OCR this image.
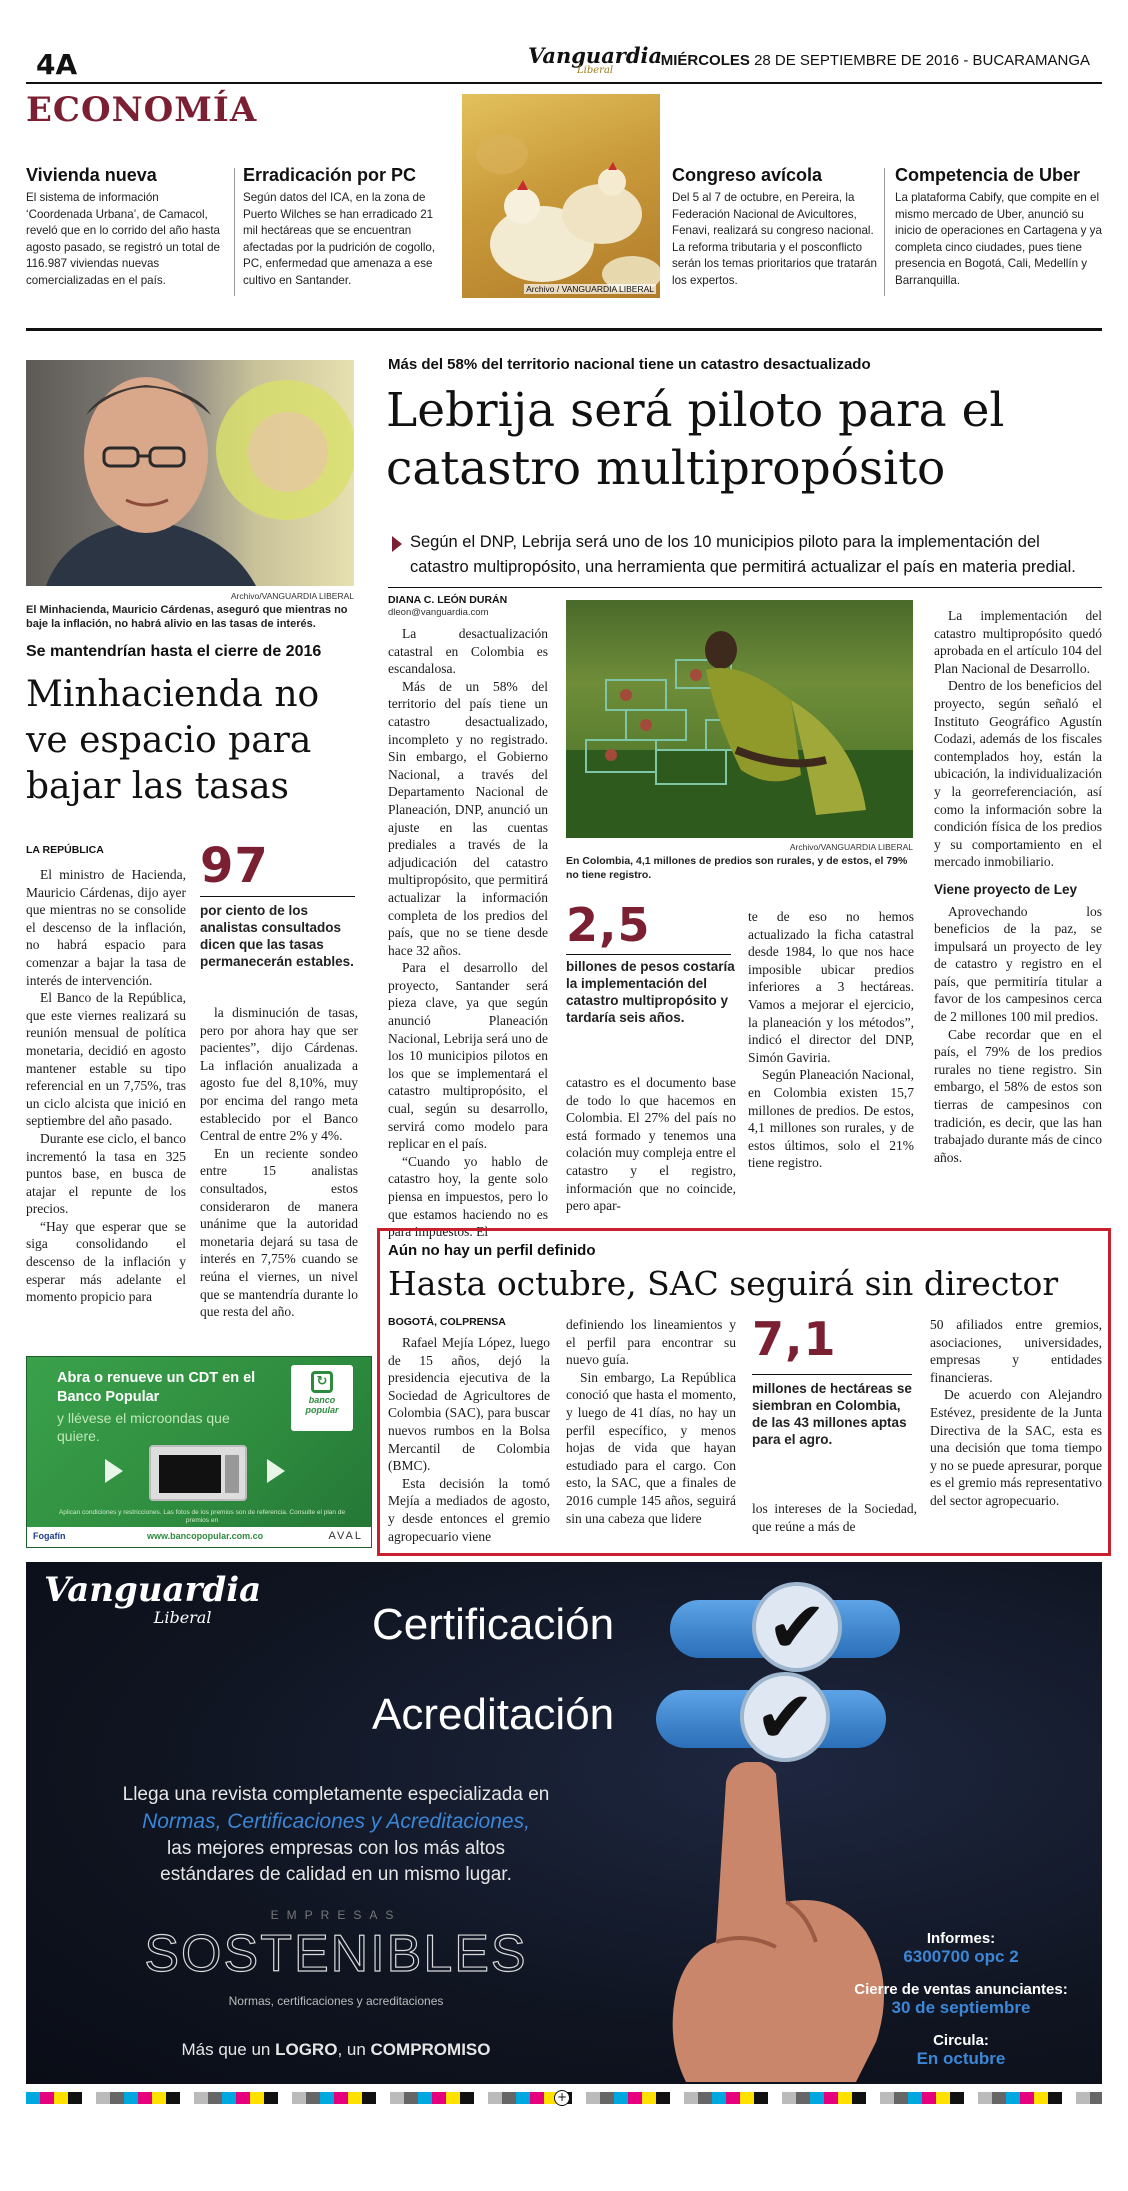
4A	Vanguardia
Liberal
MIÉRCOLES 28 DE SEPTIEMBRE DE 2016 - BUCARAMANGA
ECONOMÍA
Vivienda nueva

El sistema de información ‘Coordenada Urbana’, de Camacol, reveló que en lo corrido del año hasta agosto pasado, se registró un total de 116.987 viviendas nuevas comercializadas en el país.

Erradicación por PC

Según datos del ICA, en la zona de Puerto Wilches se han erradicado 21 mil hectáreas que se encuentran afectadas por la pudrición de cogollo, PC, enfermedad que amenaza a ese cultivo en Santander.

Archivo / VANGUARDIA LIBERAL
Congreso avícola

Del 5 al 7 de octubre, en Pereira, la Federación Nacional de Avicultores, Fenavi, realizará su congreso nacional. La reforma tributaria y el posconflicto serán los temas prioritarios que tratarán los expertos.

Competencia de Uber

La plataforma Cabify, que compite en el mismo mercado de Uber, anunció su inicio de operaciones en Cartagena y ya completa cinco ciudades, pues tiene presencia en Bogotá, Cali, Medellín y Barranquilla.

Archivo/VANGUARDIA LIBERAL
El Minhacienda, Mauricio Cárdenas, aseguró que mientras no baje la inflación, no habrá alivio en las tasas de interés.
Se mantendrían hasta el cierre de 2016
Minhacienda no ve espacio para bajar las tasas
LA REPÚBLICA

El ministro de Hacienda, Mauricio Cárdenas, dijo ayer que mientras no se consolide el descenso de la inflación, no habrá espacio para comenzar a bajar la tasa de interés de intervención.

El Banco de la República, que este viernes realizará su reunión mensual de política monetaria, decidió en agosto mantener estable su tipo referencial en un 7,75%, tras un ciclo alcista que inició en septiembre del año pasado.

Durante ese ciclo, el banco incrementó la tasa en 325 puntos base, en busca de atajar el repunte de los precios.

“Hay que esperar que se siga consolidando el descenso de la inflación y esperar más adelante el momento propicio para

97
por ciento de los analistas consultados dicen que las tasas permanecerán estables.

la disminución de tasas, pero por ahora hay que ser pacientes”, dijo Cárdenas. La inflación anualizada a agosto fue del 8,10%, muy por encima del rango meta establecido por el Banco Central de entre 2% y 4%.

En un reciente sondeo entre 15 analistas consultados, estos consideraron de manera unánime que la autoridad monetaria dejará su tasa de interés en 7,75% cuando se reúna el viernes, un nivel que se mantendría durante lo que resta del año.

Más del 58% del territorio nacional tiene un catastro desactualizado
Lebrija será piloto para el catastro multipropósito
Según el DNP, Lebrija será uno de los 10 municipios piloto para la implementación del catastro multipropósito, una herramienta que permitirá actualizar el país en materia predial.
DIANA C. LEÓN DURÁN
dleon@vanguardia.com

La desactualización catastral en Colombia es escandalosa.

Más de un 58% del territorio del país tiene un catastro desactualizado, incompleto y no registrado. Sin embargo, el Gobierno Nacional, a través del Departamento Nacional de Planeación, DNP, anunció un ajuste en las cuentas prediales a través de la adjudicación del catastro multipropósito, que permitirá actualizar la información completa de los predios del país, que no se tiene desde hace 32 años.

Para el desarrollo del proyecto, Santander será pieza clave, ya que según anunció Planeación Nacional, Lebrija será uno de los 10 municipios pilotos en los que se implementará el catastro multipropósito, el cual, según su desarrollo, servirá como modelo para replicar en el país.

“Cuando yo hablo de catastro hoy, la gente solo piensa en impuestos, pero lo que estamos haciendo no es para impuestos. El

Archivo/VANGUARDIA LIBERAL
En Colombia, 4,1 millones de predios son rurales, y de estos, el 79% no tiene registro.
2,5
billones de pesos costaría la implementación del catastro multipropósito y tardaría seis años.

catastro es el documento base de todo lo que hacemos en Colombia. El 27% del país no está formado y tenemos una colación muy compleja entre el catastro y el registro, información que no coincide, pero apar-

te de eso no hemos actualizado la ficha catastral desde 1984, lo que nos hace imposible ubicar predios inferiores a 3 hectáreas. Vamos a mejorar el ejercicio, la planeación y los métodos”, indicó el director del DNP, Simón Gaviria.

Según Planeación Nacional, en Colombia existen 15,7 millones de predios. De estos, 4,1 millones son rurales, y de estos últimos, solo el 21% tiene registro.

La implementación del catastro multipropósito quedó aprobada en el artículo 104 del Plan Nacional de Desarrollo.

Dentro de los beneficios del proyecto, según señaló el Instituto Geográfico Agustín Codazi, además de los fiscales contemplados hoy, están la ubicación, la individualización y la georreferenciación, así como la información sobre la condición física de los predios y su comportamiento en el mercado inmobiliario.

Viene proyecto de Ley

Aprovechando los beneficios de la paz, se impulsará un proyecto de ley de catastro y registro en el país, que permitiría titular a favor de los campesinos cerca de 2 millones 100 mil predios.

Cabe recordar que en el país, el 79% de los predios rurales no tiene registro. Sin embargo, el 58% de estos son tierras de campesinos con tradición, es decir, que las han trabajado durante más de cinco años.

Abra o renueve un CDT en el Banco Popular
y llévese el microondas que quiere.
↻
banco popular
Aplican condiciones y restricciones. Las fotos de los premios son de referencia. Consulte el plan de premios en
Fogafín	www.bancopopular.com.co	AVAL
Aún no hay un perfil definido
Hasta octubre, SAC seguirá sin director
BOGOTÁ, COLPRENSA

Rafael Mejía López, luego de 15 años, dejó la presidencia ejecutiva de la Sociedad de Agricultores de Colombia (SAC), para buscar nuevos rumbos en la Bolsa Mercantil de Colombia (BMC).

Esta decisión la tomó Mejía a mediados de agosto, y desde entonces el gremio agropecuario viene

definiendo los lineamientos y el perfil para encontrar su nuevo guía.

Sin embargo, La República conoció que hasta el momento, y luego de 41 días, no hay un perfil específico, y menos hojas de vida que hayan estudiado para el cargo. Con esto, la SAC, que a finales de 2016 cumple 145 años, seguirá sin una cabeza que lidere

7,1
millones de hectáreas se siembran en Colombia, de las 43 millones aptas para el agro.

los intereses de la Sociedad, que reúne a más de

50 afiliados entre gremios, asociaciones, universidades, empresas y entidades financieras.

De acuerdo con Alejandro Estévez, presidente de la Junta Directiva de la SAC, esta es una decisión que toma tiempo y no se puede apresurar, porque es el gremio más representativo del sector agropecuario.

Vanguardia
Liberal	Certificación ✔
Acreditación ✔
Llega una revista completamente especializada en
Normas, Certificaciones y Acreditaciones,
las mejores empresas con los más altos
estándares de calidad en un mismo lugar.
EMPRESAS
SOSTENIBLES
Normas, certificaciones y acreditaciones
Más que un LOGRO, un COMPROMISO
Informes:
6300700 opc 2
Cierre de ventas anunciantes:
30 de septiembre
Circula:
En octubre
+
